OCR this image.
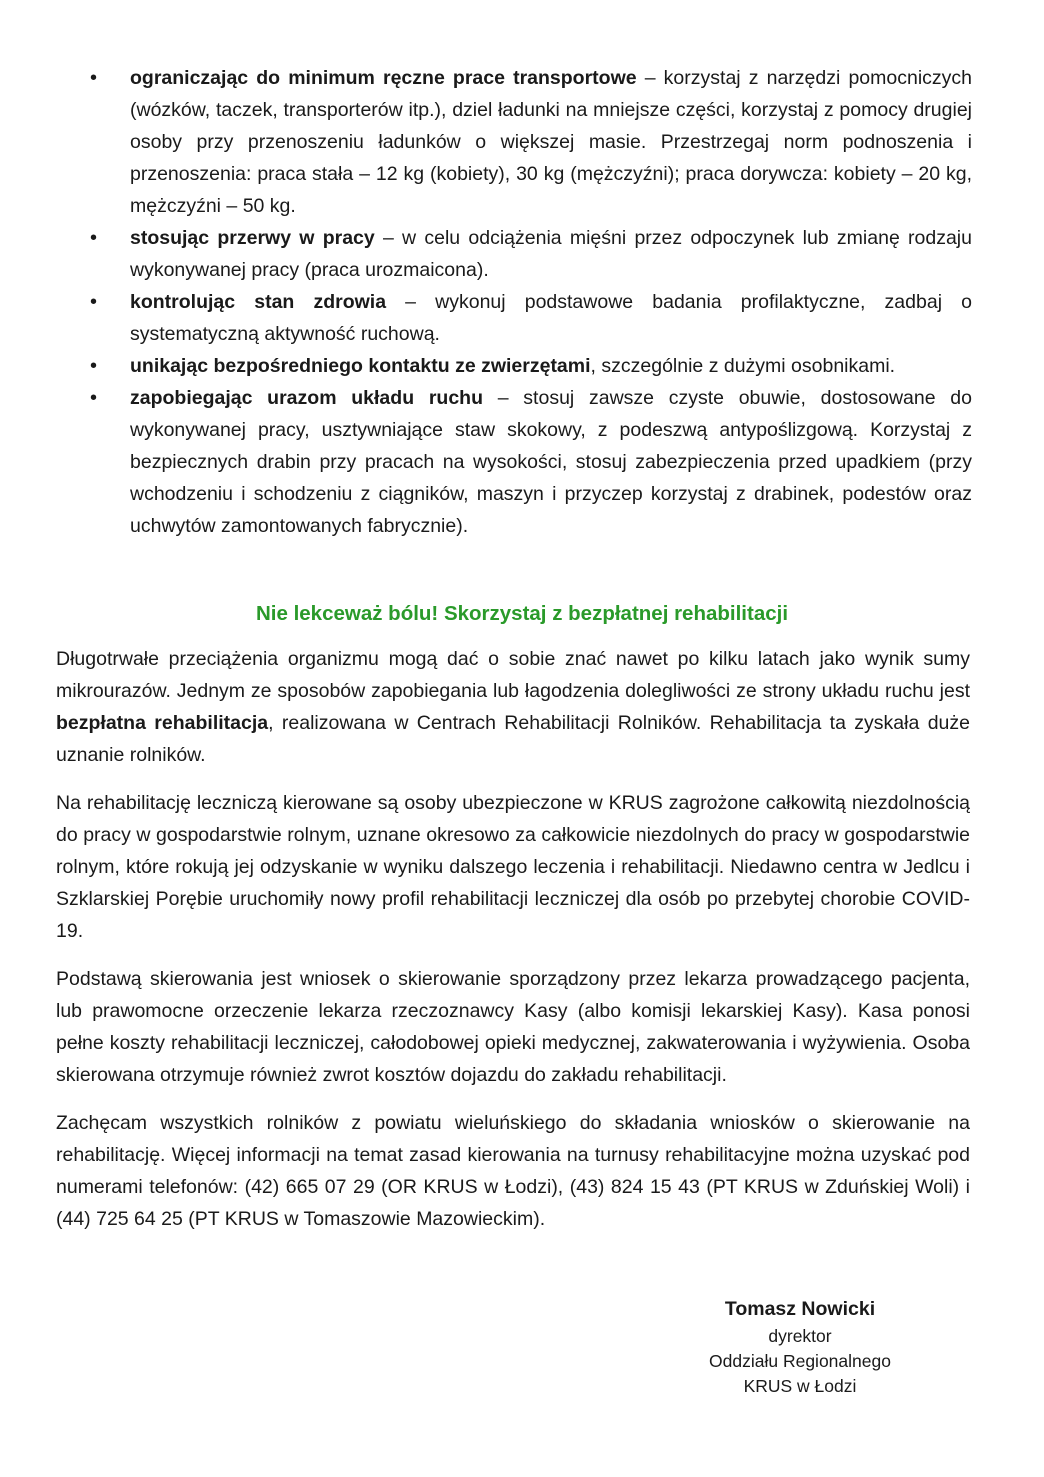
• ograniczając do minimum ręczne prace transportowe – korzystaj z narzędzi pomocniczych (wózków, taczek, transporterów itp.), dziel ładunki na mniejsze części, korzystaj z pomocy drugiej osoby przy przenoszeniu ładunków o większej masie. Przestrzegaj norm podnoszenia i przenoszenia: praca stała – 12 kg (kobiety), 30 kg (mężczyźni); praca dorywcza: kobiety – 20 kg, mężczyźni – 50 kg.
• stosując przerwy w pracy – w celu odciążenia mięśni przez odpoczynek lub zmianę rodzaju wykonywanej pracy (praca urozmaicona).
• kontrolując stan zdrowia – wykonuj podstawowe badania profilaktyczne, zadbaj o systematyczną aktywność ruchową.
• unikając bezpośredniego kontaktu ze zwierzętami, szczególnie z dużymi osobnikami.
• zapobiegając urazom układu ruchu – stosuj zawsze czyste obuwie, dostosowane do wykonywanej pracy, usztywniające staw skokowy, z podeszwą antypoślizgową. Korzystaj z bezpiecznych drabin przy pracach na wysokości, stosuj zabezpieczenia przed upadkiem (przy wchodzeniu i schodzeniu z ciągników, maszyn i przyczep korzystaj z drabinek, podestów oraz uchwytów zamontowanych fabrycznie).
Nie lekceważ bólu! Skorzystaj z bezpłatnej rehabilitacji

Długotrwałe przeciążenia organizmu mogą dać o sobie znać nawet po kilku latach jako wynik sumy mikrourazów. Jednym ze sposobów zapobiegania lub łagodzenia dolegliwości ze strony układu ruchu jest bezpłatna rehabilitacja, realizowana w Centrach Rehabilitacji Rolników. Rehabilitacja ta zyskała duże uznanie rolników.

Na rehabilitację leczniczą kierowane są osoby ubezpieczone w KRUS zagrożone całkowitą niezdolnością do pracy w gospodarstwie rolnym, uznane okresowo za całkowicie niezdolnych do pracy w gospodarstwie rolnym, które rokują jej odzyskanie w wyniku dalszego leczenia i rehabilitacji. Niedawno centra w Jedlcu i Szklarskiej Porębie uruchomiły nowy profil rehabilitacji leczniczej dla osób po przebytej chorobie COVID-19.

Podstawą skierowania jest wniosek o skierowanie sporządzony przez lekarza prowadzącego pacjenta, lub prawomocne orzeczenie lekarza rzeczoznawcy Kasy (albo komisji lekarskiej Kasy). Kasa ponosi pełne koszty rehabilitacji leczniczej, całodobowej opieki medycznej, zakwaterowania i wyżywienia. Osoba skierowana otrzymuje również zwrot kosztów dojazdu do zakładu rehabilitacji.

Zachęcam wszystkich rolników z powiatu wieluńskiego do składania wniosków o skierowanie na rehabilitację. Więcej informacji na temat zasad kierowania na turnusy rehabilitacyjne można uzyskać pod numerami telefonów: (42) 665 07 29 (OR KRUS w Łodzi), (43) 824 15 43 (PT KRUS w Zduńskiej Woli) i (44) 725 64 25 (PT KRUS w Tomaszowie Mazowieckim).

Tomasz Nowicki
dyrektor
Oddziału Regionalnego
KRUS w Łodzi
